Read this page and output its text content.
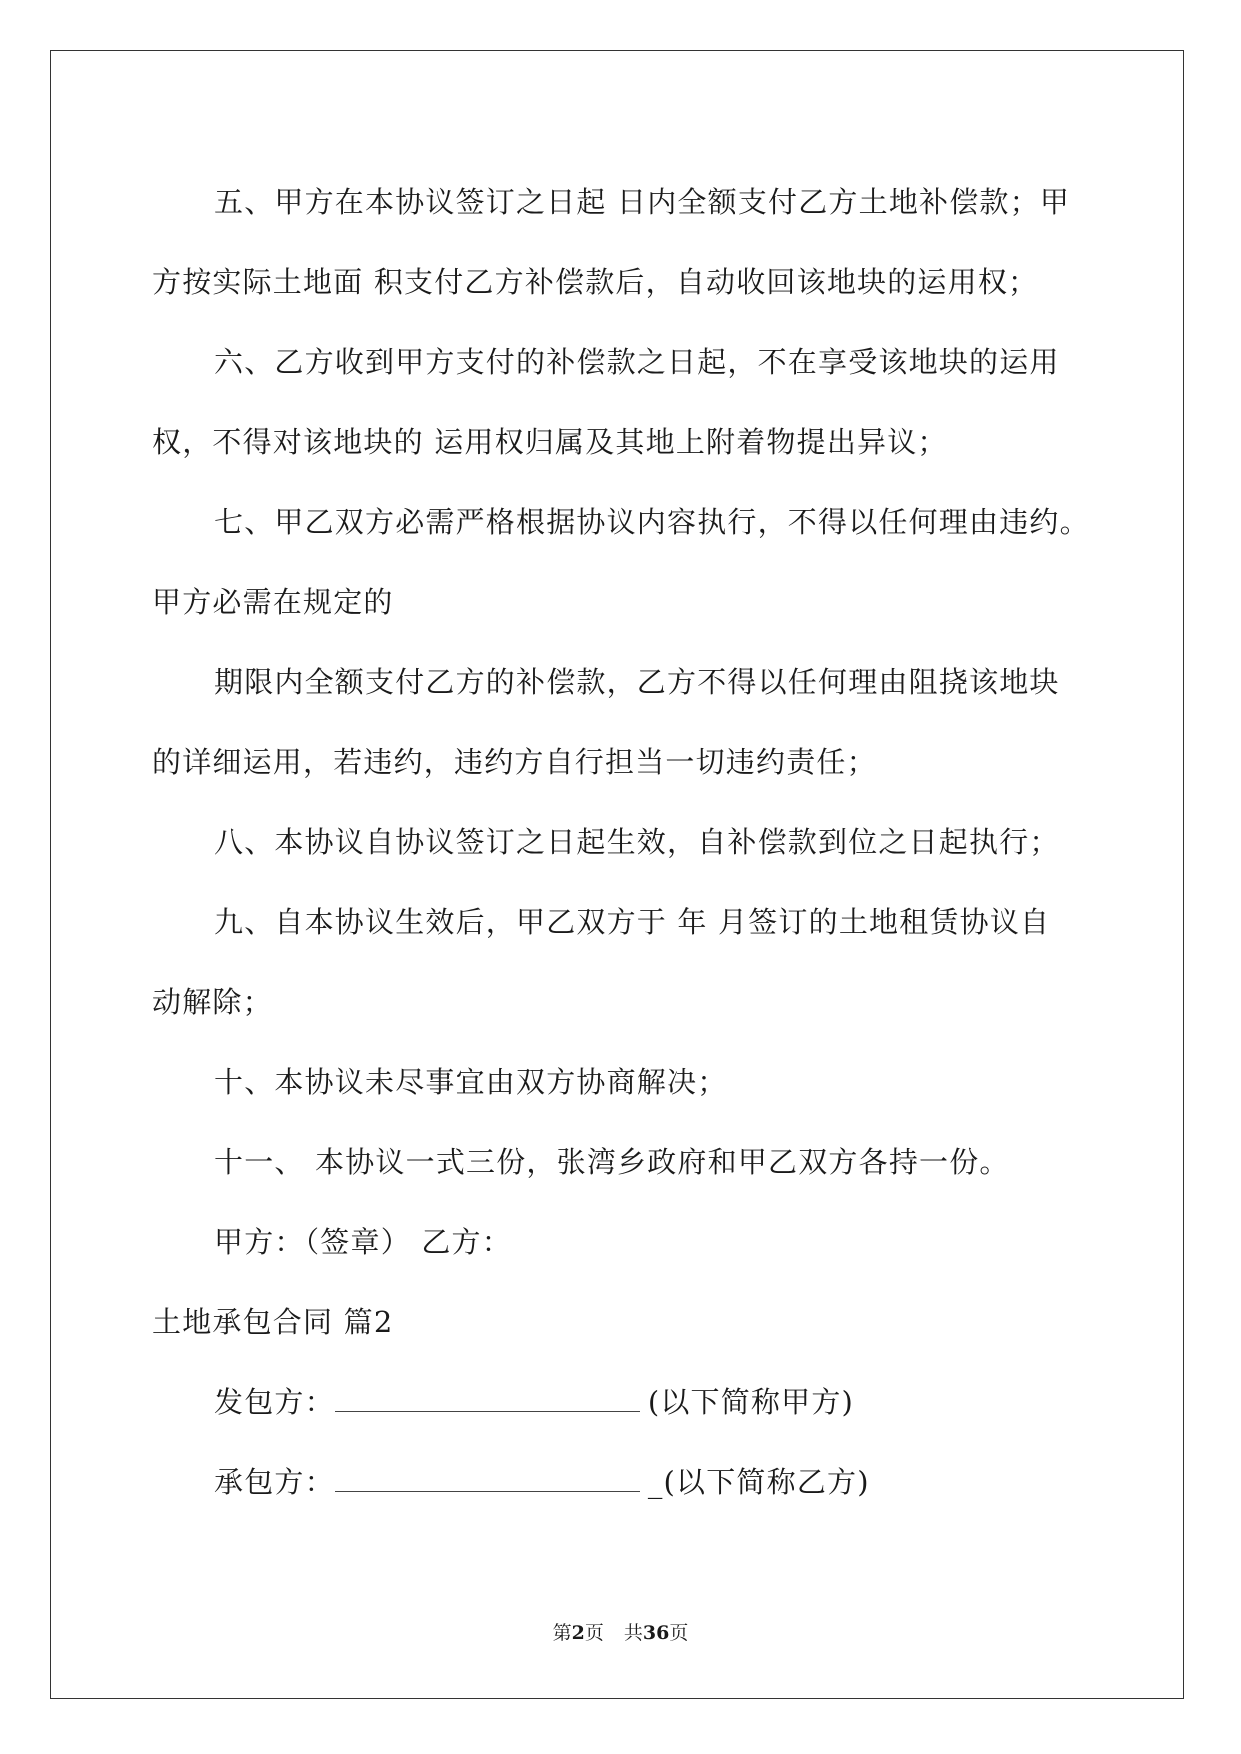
五、甲方在本协议签订之日起 日内全额支付乙方土地补偿款；甲
方按实际土地面 积支付乙方补偿款后，自动收回该地块的运用权；
六、乙方收到甲方支付的补偿款之日起，不在享受该地块的运用
权，不得对该地块的 运用权归属及其地上附着物提出异议；
七、甲乙双方必需严格根据协议内容执行，不得以任何理由违约。
甲方必需在规定的
期限内全额支付乙方的补偿款，乙方不得以任何理由阻挠该地块
的详细运用，若违约，违约方自行担当一切违约责任；
八、本协议自协议签订之日起生效，自补偿款到位之日起执行；
九、自本协议生效后，甲乙双方于 年 月签订的土地租赁协议自
动解除；
十、本协议未尽事宜由双方协商解决；
十一、 本协议一式三份，张湾乡政府和甲乙双方各持一份。
甲方：（签章） 乙方：
土地承包合同 篇2
发包方：	(以下简称甲方)
承包方：	_(以下简称乙方)
第2页 共36页
